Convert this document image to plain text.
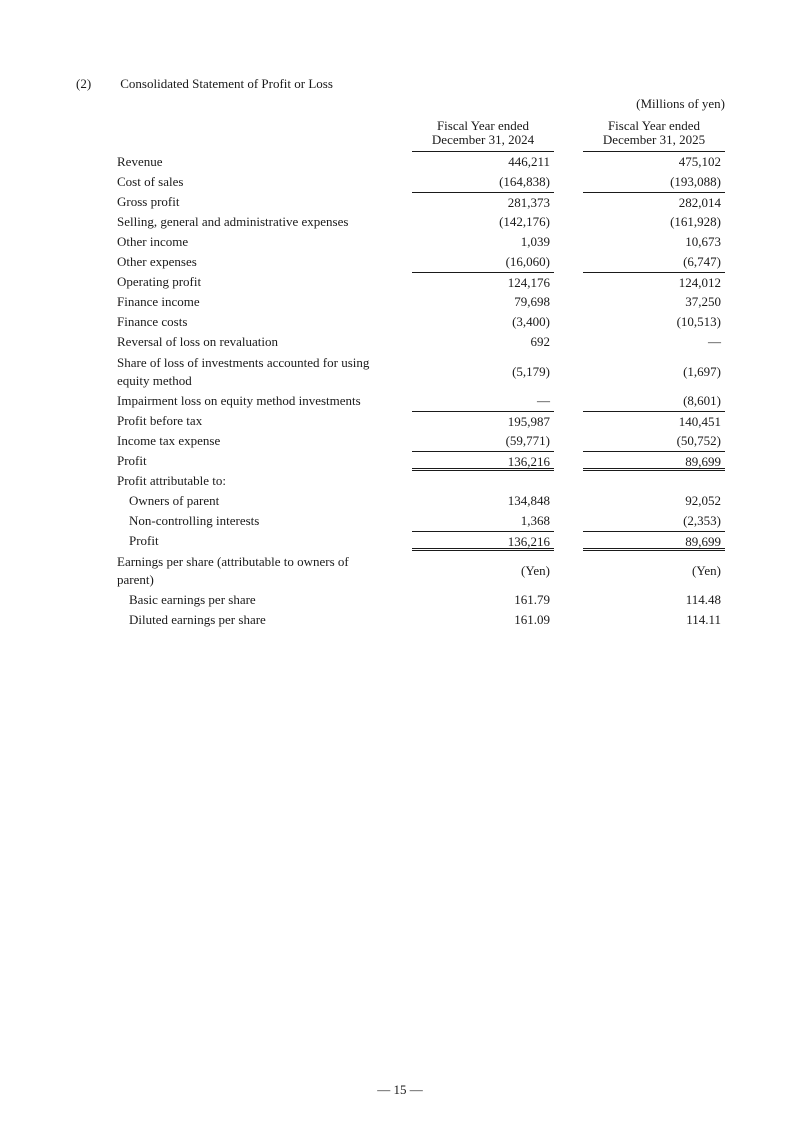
(2) Consolidated Statement of Profit or Loss
(Millions of yen)
Fiscal Year ended
December 31, 2024
Fiscal Year ended
December 31, 2025
Revenue	446,211	475,102
Cost of sales	(164,838)	(193,088)
Gross profit	281,373	282,014
Selling, general and administrative expenses	(142,176)	(161,928)
Other income	1,039	10,673
Other expenses	(16,060)	(6,747)
Operating profit	124,176	124,012
Finance income	79,698	37,250
Finance costs	(3,400)	(10,513)
Reversal of loss on revaluation	692	—
Share of loss of investments accounted for using equity method
(5,179)	(1,697)
Impairment loss on equity method investments	—	(8,601)
Profit before tax	195,987	140,451
Income tax expense	(59,771)	(50,752)
Profit	136,216	89,699
Profit attributable to:
Owners of parent	134,848	92,052
Non-controlling interests	1,368	(2,353)
Profit	136,216	89,699
Earnings per share (attributable to owners of parent)
(Yen)	(Yen)
Basic earnings per share	161.79	114.48
Diluted earnings per share	161.09	114.11
— 15 —
